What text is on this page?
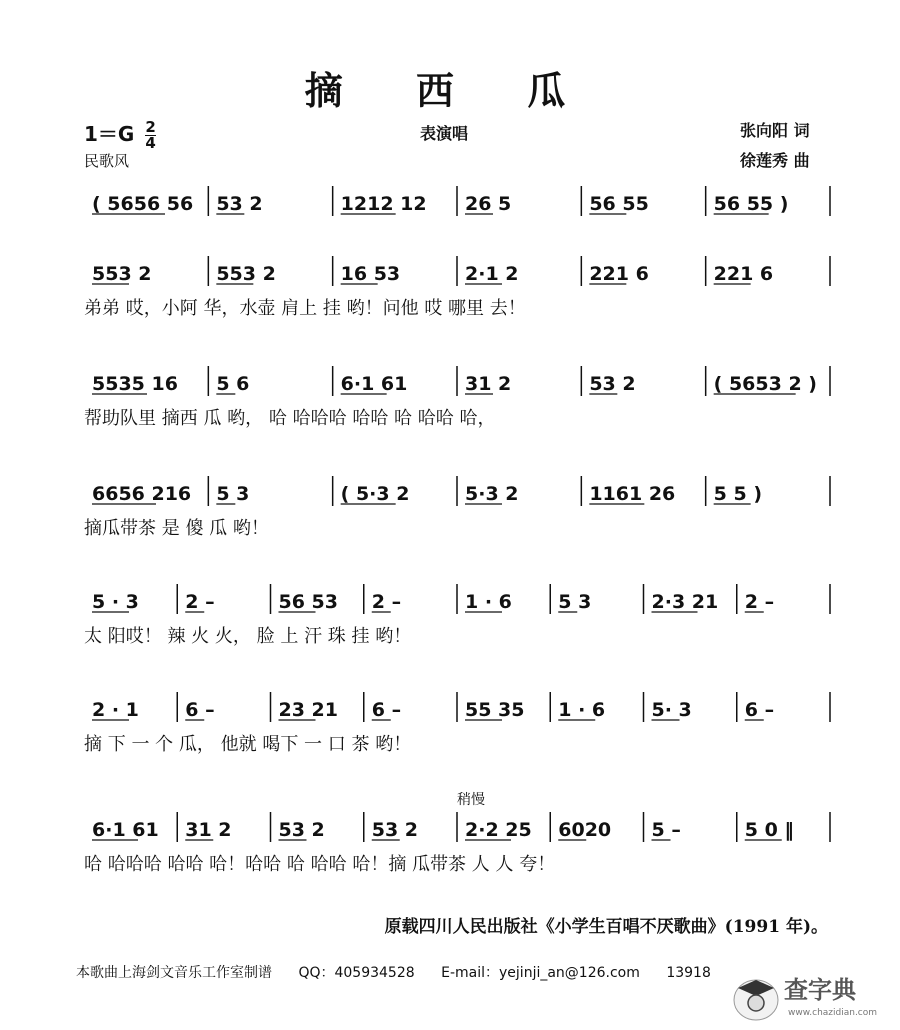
摘 西 瓜
$1=G \frac{2}{4}$	表演唱
民歌风
张向阳 词
徐莲秀 曲
( 5656 56 53 2	1212 12 26 5	56 55	56 55 )
553 2	553 2	16 53	2·1 2	221 6	221 6
弟弟 哎，小阿 华，水壶 肩上 挂 哟！问他 哎 哪里 去！
5535 16 5 6	6·1 61	31 2	53 2	( 5653 2 )
帮助队里 摘西 瓜 哟， 哈 哈哈哈 哈哈 哈 哈哈 哈，
6656 216 5 3	( 5·3 2	5·3 2	1161 26 5 5 )
摘瓜带茶 是 傻 瓜 哟！
5 · 3 2 –	56 53 2 –	1 · 6 5 3	2·3 21 2 –
太 阳哎！ 辣 火 火， 脸 上 汗 珠 挂 哟！
2 · 1 6 –	23 21 6 –	55 35 1 · 6 5· 3	6 –
摘 下 一 个 瓜， 他就 喝下 一 口 茶 哟！
6·1 61 31 2 53 2 53 2 2·2 25 6020 5 –	5 0 ‖
哈 哈哈哈 哈哈 哈！哈哈 哈 哈哈 哈！摘 瓜带茶 人 人 夸！
稍慢
原载四川人民出版社《小学生百唱不厌歌曲》(1991 年)。
本歌曲上海剑文音乐工作室制谱 QQ：405934528 E-mail：yejinji_an@126.com 13918
查字典
www.chazidian.com
